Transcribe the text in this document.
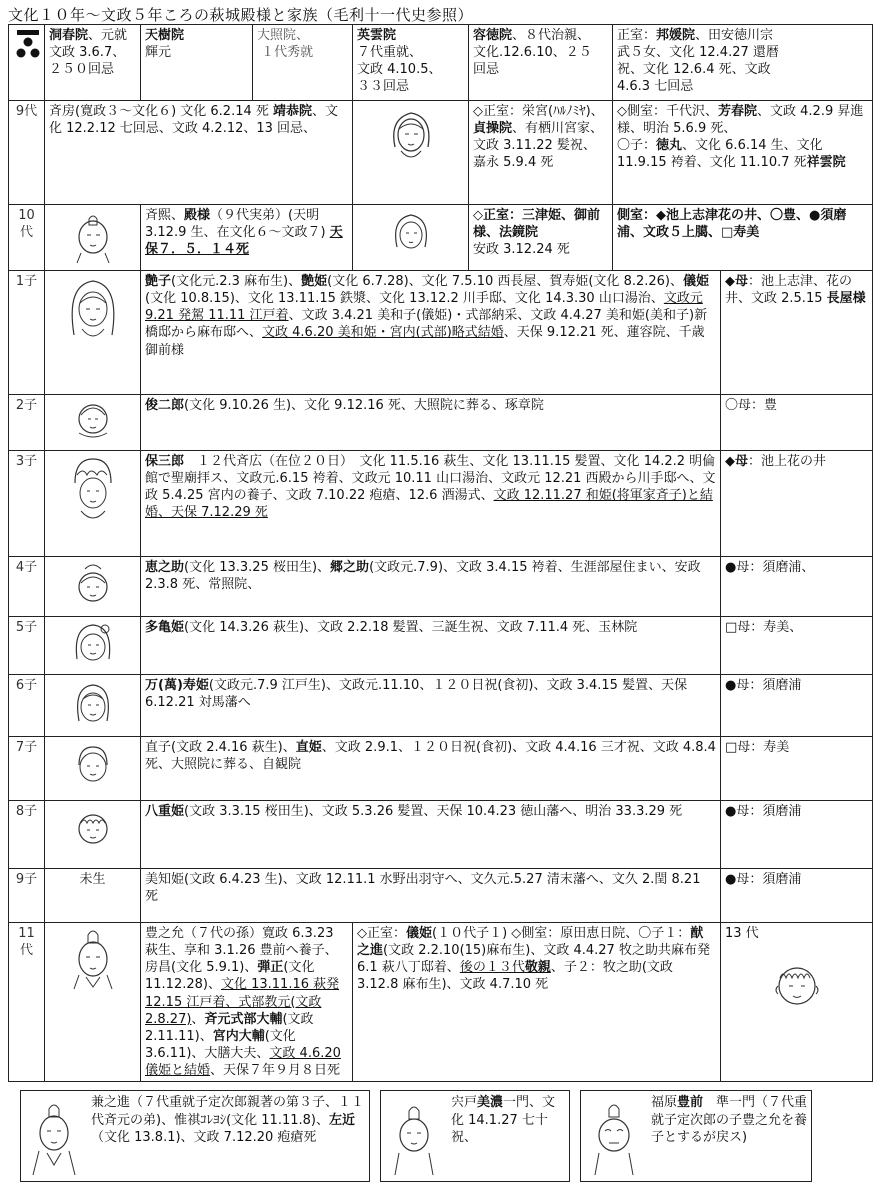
文化１０年～文政５年ころの萩城殿様と家族（毛利十一代史参照）
	洞春院、元就
文政 3.6.7、
２５０回忌	天樹院
輝元	大照院、
１代秀就	英雲院
７代重就、
文政 4.10.5、
３３回忌	容徳院、８代治親、
文化.12.6.10、２５
回忌	正室：邦媛院、田安徳川宗
武５女、文化 12.4.27 還暦
祝、文化 12.6.4 死、文政
4.6.3 七回忌	
9代	斉房(寛政３～文化６) 文化 6.2.14 死 靖恭院、文化 12.2.12 七回忌、文政 4.2.12、13 回忌、				◇正室：栄宮(ﾊﾙﾉﾐﾔ)、貞操院、有栖川宮家、文政 3.11.22 髪祝、嘉永 5.9.4 死	◇側室：千代沢、芳春院、文政 4.2.9 昇進様、明治 5.6.9 死、
〇子：徳丸、文化 6.6.14 生、文化11.9.15 袴着、文化 11.10.7 死祥雲院	
10代		斉熙、殿様（９代実弟）(天明 3.12.9 生、在文化６～文政７) 天保７．５．１４死			◇正室：三津姫、御前様、法鏡院
安政 3.12.24 死	側室：◆池上志津花の井、〇豊、●須磨浦、文政５上臈、□寿美	
1子		艶子(文化元.2.3 麻布生)、艶姫(文化 6.7.28)、文化 7.5.10 西長屋、賀寿姫(文化 8.2.26)、儀姫(文化 10.8.15)、文化 13.11.15 鉄漿、文化 13.12.2 川手邸、文化 14.3.30 山口湯治、文政元 9.21 発駕 11.11 江戸着、文政 3.4.21 美和子(儀姫)・式部納采、文政 4.4.27 美和姫(美和子)新橋邸から麻布邸へ、文政 4.6.20 美和姫・宮内(式部)略式結婚、天保 9.12.21 死、蓮容院、千歳御前様					◆母：池上志津、花の井、文政 2.5.15 長屋様
2子		俊二郎(文化 9.10.26 生)、文化 9.12.16 死、大照院に葬る、琢章院					〇母：豊
3子		保三郎　１２代斉広（在位２０日）　文化 11.5.16 萩生、文化 13.11.15 髪置、文化 14.2.2 明倫館で聖廟拝ス、文政元.6.15 袴着、文政元 10.11 山口湯治、文政元 12.21 西殿から川手邸へ、文政 5.4.25 宮内の養子、文政 7.10.22 疱瘡、12.6 酒湯式、文政 12.11.27 和姫(将軍家斉子)と結婚、天保 7.12.29 死					◆母：池上花の井
4子		恵之助(文化 13.3.25 桜田生)、郷之助(文政元.7.9)、文政 3.4.15 袴着、生涯部屋住まい、安政 2.3.8 死、常照院、					●母：須磨浦、
5子		多亀姫(文化 14.3.26 萩生)、文政 2.2.18 髪置、三誕生祝、文政 7.11.4 死、玉林院					□母：寿美、
6子		万(萬)寿姫(文政元.7.9 江戸生)、文政元.11.10、１２０日祝(食初)、文政 3.4.15 髪置、天保 6.12.21 対馬藩へ					●母：須磨浦
7子		直子(文政 2.4.16 萩生)、直姫、文政 2.9.1、１２０日祝(食初)、文政 4.4.16 三才祝、文政 4.8.4 死、大照院に葬る、自観院					□母：寿美
8子		八重姫(文政 3.3.15 桜田生)、文政 5.3.26 髪置、天保 10.4.23 徳山藩へ、明治 33.3.29 死					●母：須磨浦
9子	未生	美知姫(文政 6.4.23 生)、文政 12.11.1 水野出羽守へ、文久元.5.27 清末藩へ、文久 2.閏 8.21 死					●母：須磨浦
11代		豊之允（７代の孫）寛政 6.3.23 萩生、享和 3.1.26 豊前へ養子、房昌(文化 5.9.1)、弾正(文化 11.12.28)、文化 13.11.16 萩発 12.15 江戸着、式部教元(文政 2.8.27)、斉元式部大輔(文政 2.11.11)、宮内大輔(文化 3.6.11)、大膳大夫、文政 4.6.20 儀姫と結婚、天保７年９月８日死		◇正室：儀姫(１０代子１) ◇側室：原田恵日院、〇子１：猷之進(文政 2.2.10(15)麻布生)、文政 4.4.27 牧之助共麻布発 6.1 萩八丁邸着、後の１３代敬親、子２：牧之助(文政 3.12.8 麻布生)、文政 4.7.10 死			13 代
兼之進（７代重就子定次郎親著の第３子、１１代斉元の弟)、惟祺ｺﾚﾖｼ(文化 11.11.8)、左近（文化 13.8.1)、文政 7.12.20 疱瘡死
宍戸美濃一門、文化 14.1.27 七十祝、
福原豊前　準一門（７代重就子定次郎の子豊之允を養子とするが戻ス)
